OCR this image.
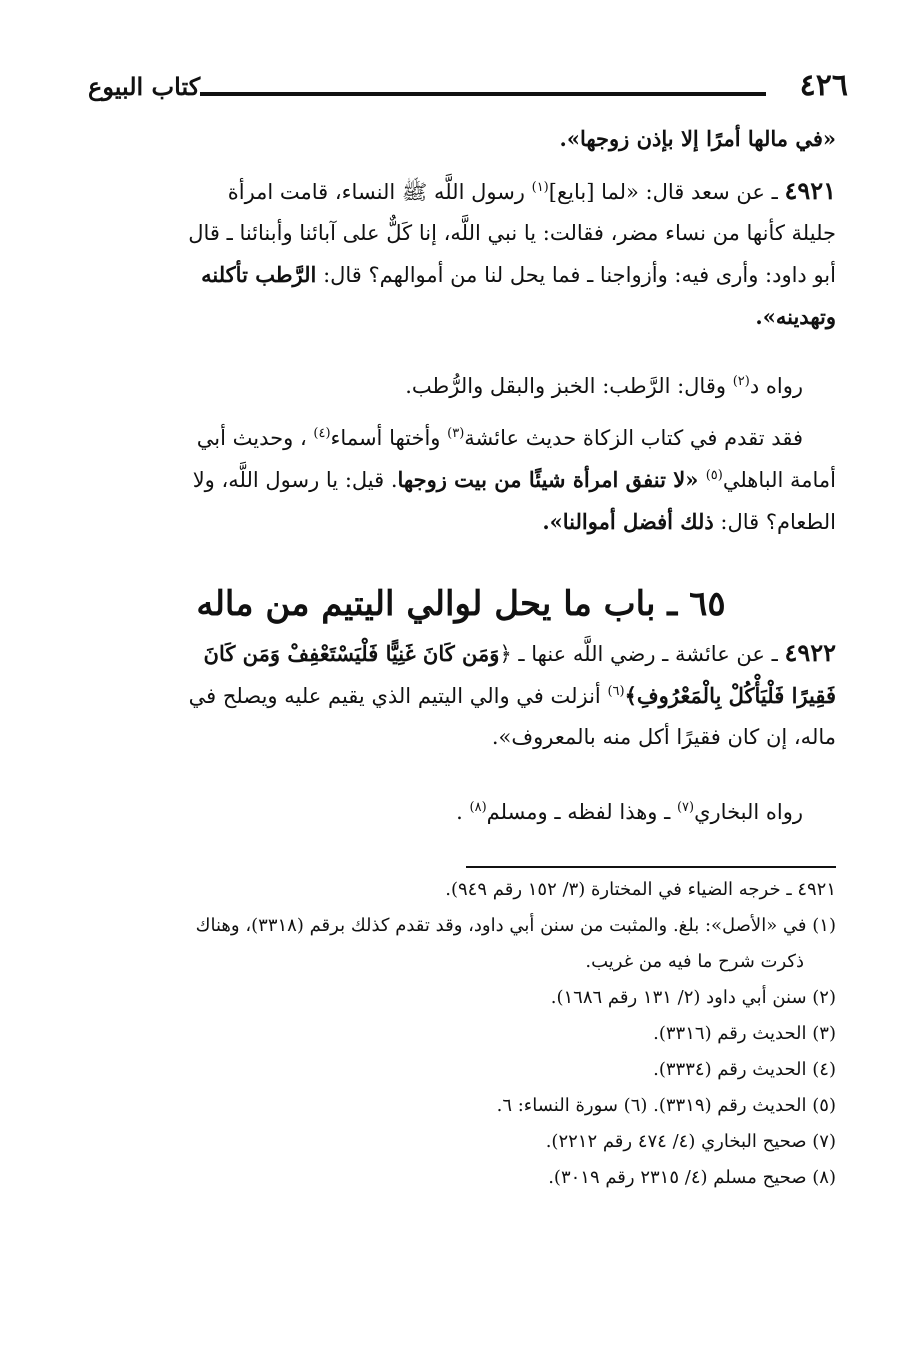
٤٢٦
كتاب البيوع
«في مالها أمرًا إلا بإذن زوجها».
٤٩٢١ ـ عن سعد قال: «لما [بايع]$^{(١)}$ رسول اللَّه ﷺ النساء، قامت امرأة
جليلة كأنها من نساء مضر، فقالت: يا نبي اللَّه، إنا كَلٌّ على آبائنا وأبنائنا ـ قال
أبو داود: وأرى فيه: وأزواجنا ـ فما يحل لنا من أموالهم؟ قال: الرَّطب تأكلنه
وتهدينه».
رواه د$^{(٢)}$ وقال: الرَّطب: الخبز والبقل والرُّطب.
فقد تقدم في كتاب الزكاة حديث عائشة$^{(٣)}$ وأختها أسماء$^{(٤)}$ ، وحديث أبي
أمامة الباهلي$^{(٥)}$ «لا تنفق امرأة شيئًا من بيت زوجها. قيل: يا رسول اللَّه، ولا
الطعام؟ قال: ذلك أفضل أموالنا».
٦٥ ـ باب ما يحل لوالي اليتيم من ماله
٤٩٢٢ ـ عن عائشة ـ رضي اللَّه عنها ـ ﴿وَمَن كَانَ غَنِيًّا فَلْيَسْتَعْفِفْ وَمَن كَانَ
فَقِيرًا فَلْيَأْكُلْ بِالْمَعْرُوفِ﴾$^{(٦)}$ أنزلت في والي اليتيم الذي يقيم عليه ويصلح في
ماله، إن كان فقيرًا أكل منه بالمعروف».
رواه البخاري$^{(٧)}$ ـ وهذا لفظه ـ ومسلم$^{(٨)}$ .
٤٩٢١ ـ خرجه الضياء في المختارة (٣/ ١٥٢ رقم ٩٤٩).
(١) في «الأصل»: بلغ. والمثبت من سنن أبي داود، وقد تقدم كذلك برقم (٣٣١٨)، وهناك
ذكرت شرح ما فيه من غريب.
(٢) سنن أبي داود (٢/ ١٣١ رقم ١٦٨٦).
(٣) الحديث رقم (٣٣١٦).
(٤) الحديث رقم (٣٣٣٤).
(٥) الحديث رقم (٣٣١٩). (٦) سورة النساء: ٦.
(٧) صحيح البخاري (٤/ ٤٧٤ رقم ٢٢١٢).
(٨) صحيح مسلم (٤/ ٢٣١٥ رقم ٣٠١٩).
